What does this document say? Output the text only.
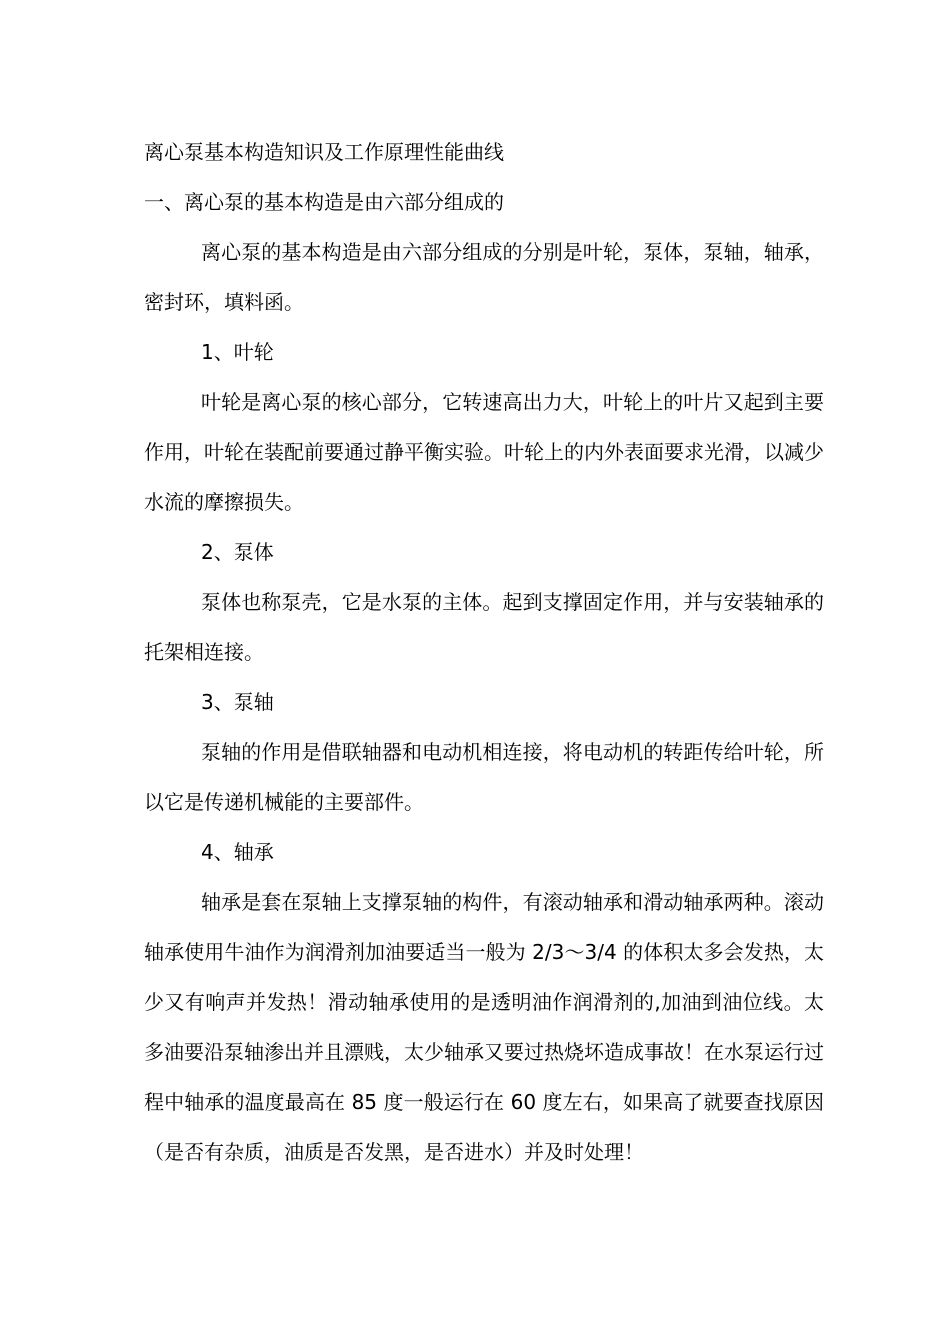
离心泵基本构造知识及工作原理性能曲线
一、离心泵的基本构造是由六部分组成的

离心泵的基本构造是由六部分组成的分别是叶轮，泵体，泵轴，轴承，密封环，填料函。

1、叶轮

叶轮是离心泵的核心部分，它转速高出力大，叶轮上的叶片又起到主要作用，叶轮在装配前要通过静平衡实验。叶轮上的内外表面要求光滑，以减少水流的摩擦损失。

2、泵体

泵体也称泵壳，它是水泵的主体。起到支撑固定作用，并与安装轴承的托架相连接。

3、泵轴

泵轴的作用是借联轴器和电动机相连接，将电动机的转距传给叶轮，所以它是传递机械能的主要部件。

4、轴承

轴承是套在泵轴上支撑泵轴的构件，有滚动轴承和滑动轴承两种。滚动轴承使用牛油作为润滑剂加油要适当一般为 2/3～3/4 的体积太多会发热，太少又有响声并发热！滑动轴承使用的是透明油作润滑剂的,加油到油位线。太多油要沿泵轴渗出并且漂贱，太少轴承又要过热烧坏造成事故！在水泵运行过程中轴承的温度最高在 85 度一般运行在 60 度左右，如果高了就要查找原因（是否有杂质，油质是否发黑，是否进水）并及时处理！
